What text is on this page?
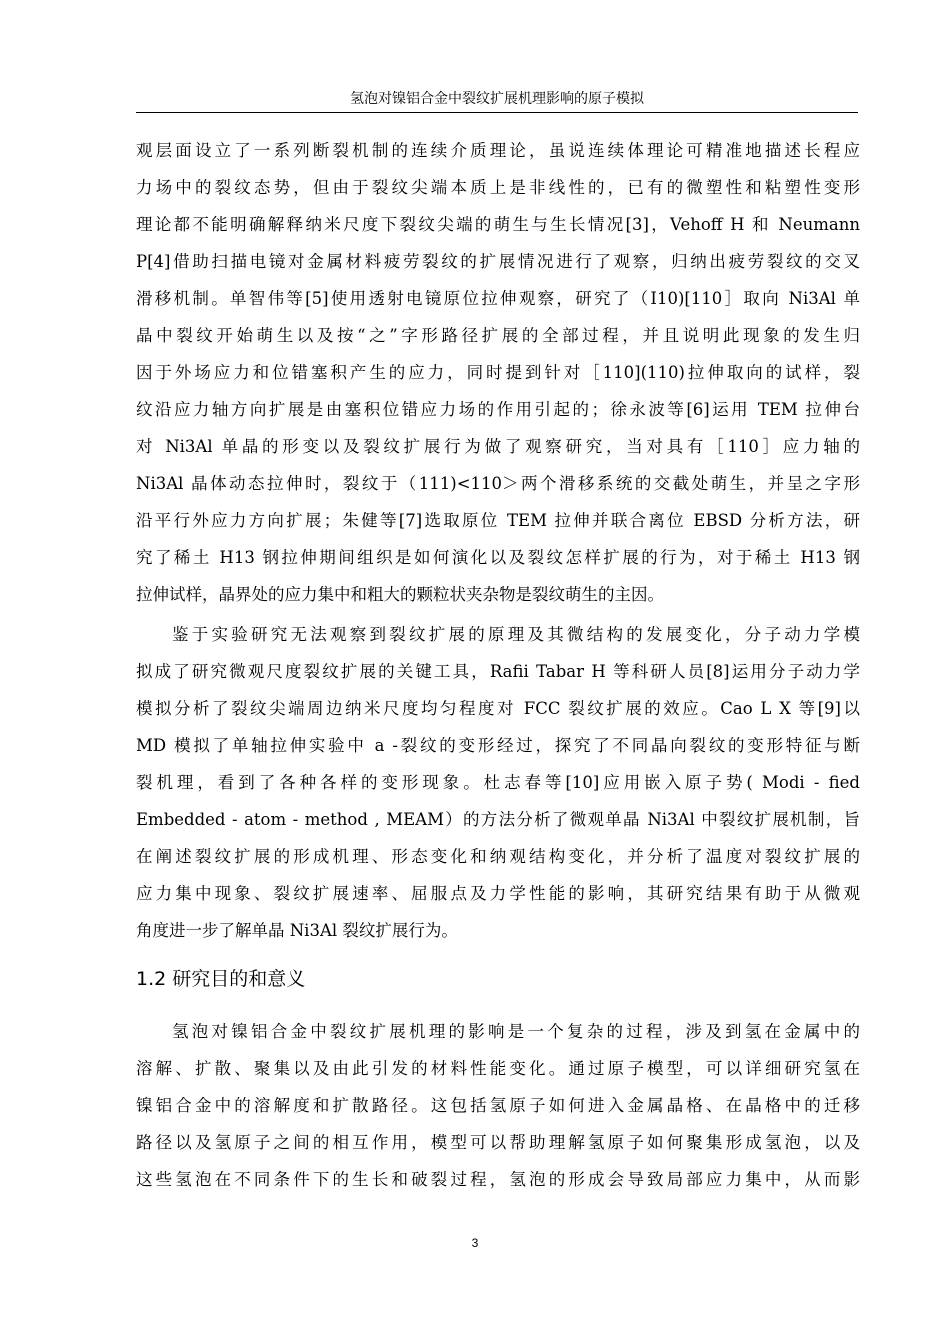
氢泡对镍铝合金中裂纹扩展机理影响的原子模拟
观层面设立了一系列断裂机制的连续介质理论，虽说连续体理论可精准地描述长程应
力场中的裂纹态势，但由于裂纹尖端本质上是非线性的，已有的微塑性和粘塑性变形
理论都不能明确解释纳米尺度下裂纹尖端的萌生与生长情况[3]，Vehoff H 和 Neumann
P[4]借助扫描电镜对金属材料疲劳裂纹的扩展情况进行了观察，归纳出疲劳裂纹的交叉
滑移机制。单智伟等[5]使用透射电镜原位拉伸观察，研究了（I10)[110］取向 Ni3Al 单
晶中裂纹开始萌生以及按“之”字形路径扩展的全部过程，并且说明此现象的发生归
因于外场应力和位错塞积产生的应力，同时提到针对［110](110)拉伸取向的试样，裂
纹沿应力轴方向扩展是由塞积位错应力场的作用引起的；徐永波等[6]运用 TEM 拉伸台
对 Ni3Al 单晶的形变以及裂纹扩展行为做了观察研究，当对具有［110］应力轴的
Ni3Al 晶体动态拉伸时，裂纹于（111)<110＞两个滑移系统的交截处萌生，并呈之字形
沿平行外应力方向扩展；朱健等[7]选取原位 TEM 拉伸并联合离位 EBSD 分析方法，研
究了稀土 H13 钢拉伸期间组织是如何演化以及裂纹怎样扩展的行为，对于稀土 H13 钢
拉伸试样，晶界处的应力集中和粗大的颗粒状夹杂物是裂纹萌生的主因。
鉴于实验研究无法观察到裂纹扩展的原理及其微结构的发展变化，分子动力学模
拟成了研究微观尺度裂纹扩展的关键工具，Rafii Tabar H 等科研人员[8]运用分子动力学
模拟分析了裂纹尖端周边纳米尺度均匀程度对 FCC 裂纹扩展的效应。Cao L X 等[9]以
MD 模拟了单轴拉伸实验中 a -裂纹的变形经过，探究了不同晶向裂纹的变形特征与断
裂机理，看到了各种各样的变形现象。杜志春等[10]应用嵌入原子势( Modi - fied
Embedded - atom - method , MEAM）的方法分析了微观单晶 Ni3Al 中裂纹扩展机制，旨
在阐述裂纹扩展的形成机理、形态变化和纳观结构变化，并分析了温度对裂纹扩展的
应力集中现象、裂纹扩展速率、屈服点及力学性能的影响，其研究结果有助于从微观
角度进一步了解单晶 Ni3Al 裂纹扩展行为。
1.2 研究目的和意义
氢泡对镍铝合金中裂纹扩展机理的影响是一个复杂的过程，涉及到氢在金属中的
溶解、扩散、聚集以及由此引发的材料性能变化。通过原子模型，可以详细研究氢在
镍铝合金中的溶解度和扩散路径。这包括氢原子如何进入金属晶格、在晶格中的迁移
路径以及氢原子之间的相互作用，模型可以帮助理解氢原子如何聚集形成氢泡，以及
这些氢泡在不同条件下的生长和破裂过程，氢泡的形成会导致局部应力集中，从而影
3
